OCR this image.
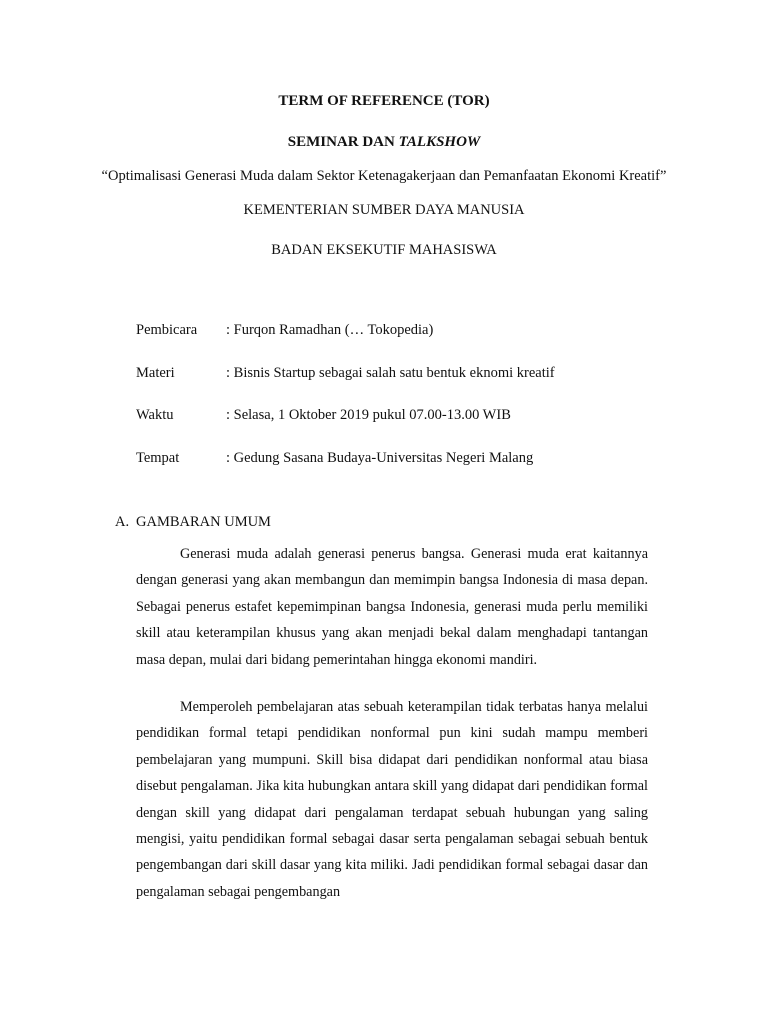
TERM OF REFERENCE (TOR)
SEMINAR DAN TALKSHOW
“Optimalisasi Generasi Muda dalam Sektor Ketenagakerjaan dan Pemanfaatan Ekonomi Kreatif”
KEMENTERIAN SUMBER DAYA MANUSIA
BADAN EKSEKUTIF MAHASISWA
Pembicara : Furqon Ramadhan (… Tokopedia)
Materi	: Bisnis Startup sebagai salah satu bentuk eknomi kreatif
Waktu	: Selasa, 1 Oktober 2019 pukul 07.00-13.00 WIB
Tempat	: Gedung Sasana Budaya-Universitas Negeri Malang
A. GAMBARAN UMUM

Generasi muda adalah generasi penerus bangsa. Generasi muda erat kaitannya dengan generasi yang akan membangun dan memimpin bangsa Indonesia di masa depan. Sebagai penerus estafet kepemimpinan bangsa Indonesia, generasi muda perlu memiliki skill atau keterampilan khusus yang akan menjadi bekal dalam menghadapi tantangan masa depan, mulai dari bidang pemerintahan hingga ekonomi mandiri.

Memperoleh pembelajaran atas sebuah keterampilan tidak terbatas hanya melalui pendidikan formal tetapi pendidikan nonformal pun kini sudah mampu memberi pembelajaran yang mumpuni. Skill bisa didapat dari pendidikan nonformal atau biasa disebut pengalaman. Jika kita hubungkan antara skill yang didapat dari pendidikan formal dengan skill yang didapat dari pengalaman terdapat sebuah hubungan yang saling mengisi, yaitu pendidikan formal sebagai dasar serta pengalaman sebagai sebuah bentuk pengembangan dari skill dasar yang kita miliki. Jadi pendidikan formal sebagai dasar dan pengalaman sebagai pengembangan
